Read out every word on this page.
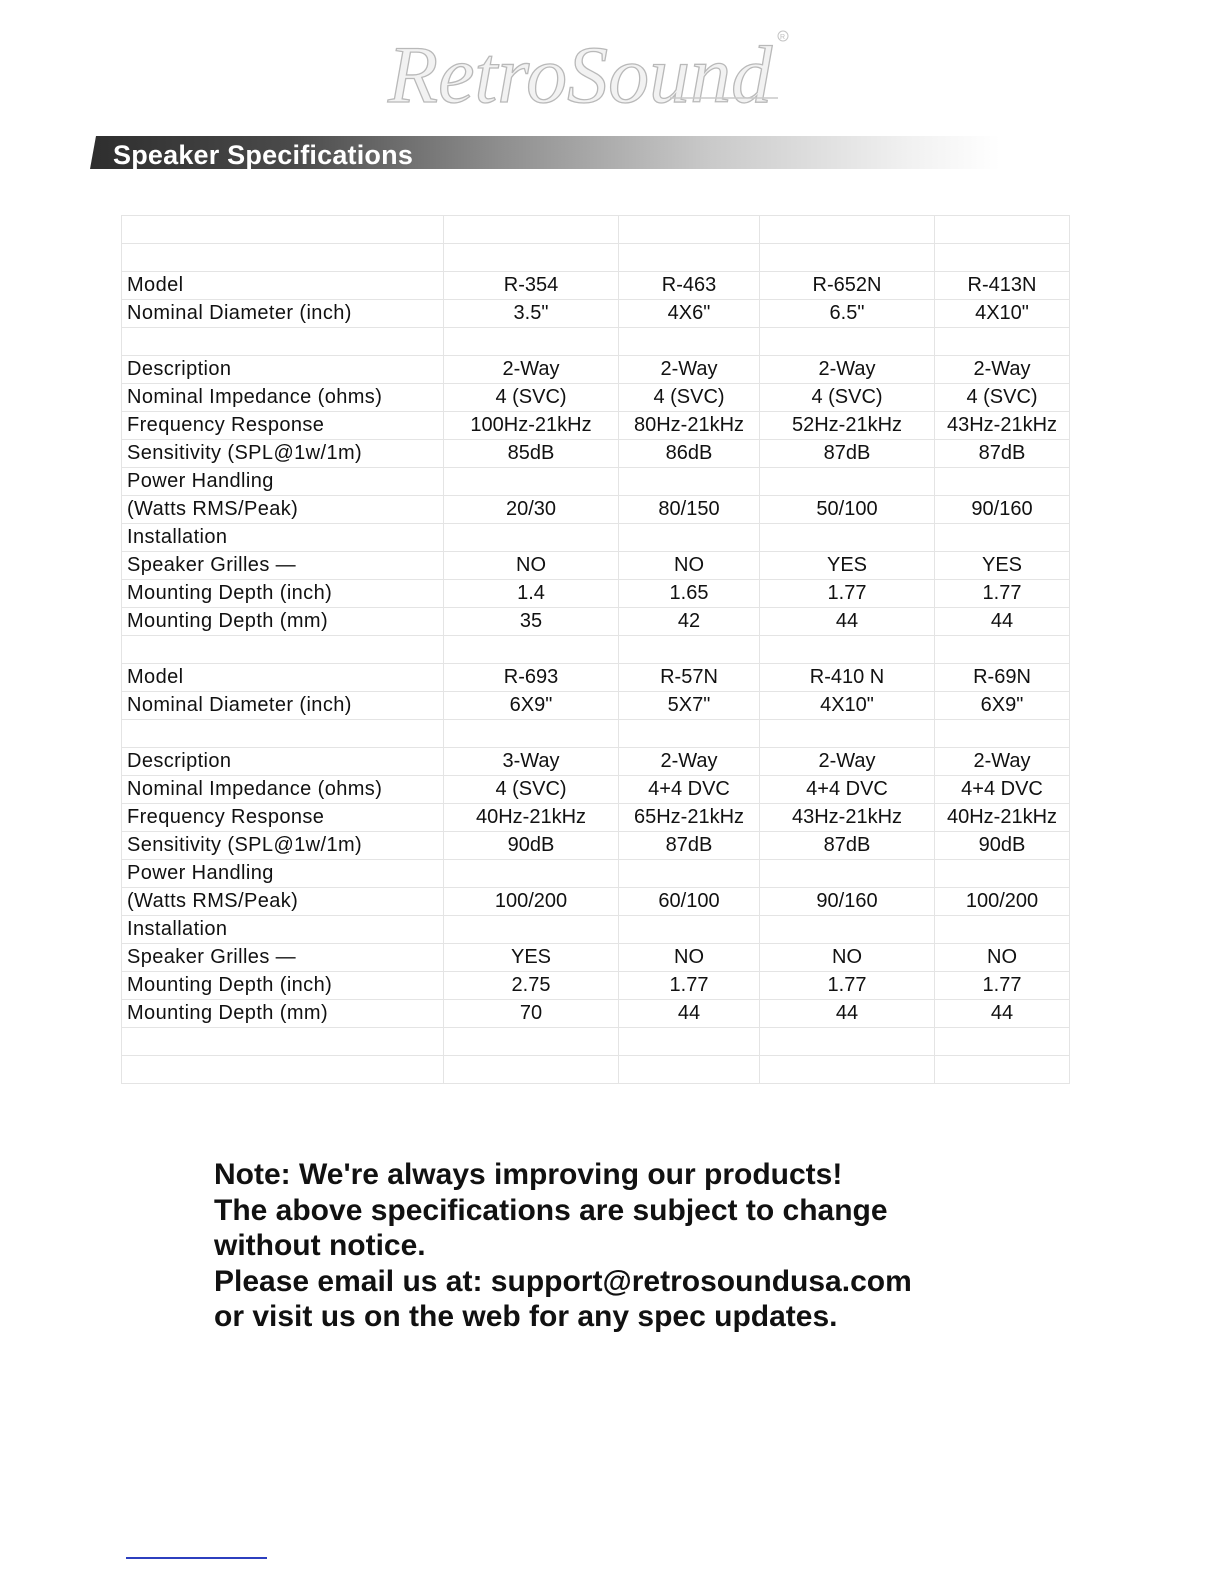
RetroSound R
Speaker Specifications

Model	R-354	R-463	R-652N	R-413N
Nominal Diameter (inch)	3.5"	4X6"	6.5"	4X10"

Description	2-Way	2-Way	2-Way	2-Way
Nominal Impedance (ohms)	4 (SVC)	4 (SVC)	4 (SVC)	4 (SVC)
Frequency Response	100Hz-21kHz	80Hz-21kHz	52Hz-21kHz	43Hz-21kHz
Sensitivity (SPL@1w/1m)	85dB	86dB	87dB	87dB
Power Handling				
(Watts RMS/Peak)	20/30	80/150	50/100	90/160
Installation				
Speaker Grilles —	NO	NO	YES	YES
Mounting Depth (inch)	1.4	1.65	1.77	1.77
Mounting Depth (mm)	35	42	44	44

Model	R-693	R-57N	R-410 N	R-69N
Nominal Diameter (inch)	6X9"	5X7"	4X10"	6X9"

Description	3-Way	2-Way	2-Way	2-Way
Nominal Impedance (ohms)	4 (SVC)	4+4 DVC	4+4 DVC	4+4 DVC
Frequency Response	40Hz-21kHz	65Hz-21kHz	43Hz-21kHz	40Hz-21kHz
Sensitivity (SPL@1w/1m)	90dB	87dB	87dB	90dB
Power Handling				
(Watts RMS/Peak)	100/200	60/100	90/160	100/200
Installation				
Speaker Grilles —	YES	NO	NO	NO
Mounting Depth (inch)	2.75	1.77	1.77	1.77
Mounting Depth (mm)	70	44	44	44

Note: We're always improving our products!
The above specifications are subject to change
without notice.
Please email us at: support@retrosoundusa.com
or visit us on the web for any spec updates.
